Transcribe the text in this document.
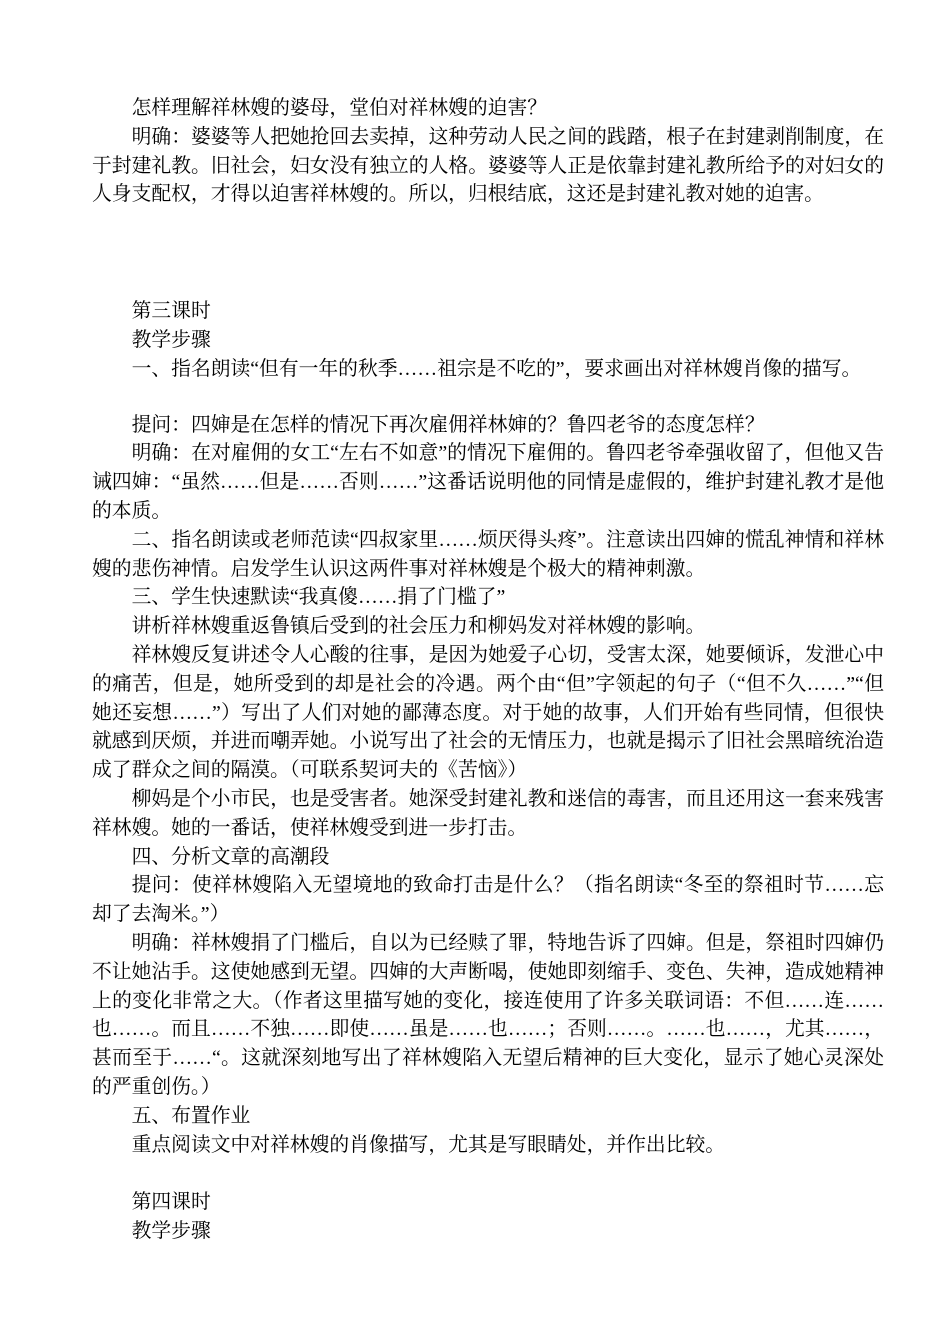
怎样理解祥林嫂的婆母，堂伯对祥林嫂的迫害？

明确：婆婆等人把她抢回去卖掉，这种劳动人民之间的践踏，根子在封建剥削制度，在于封建礼教。旧社会，妇女没有独立的人格。婆婆等人正是依靠封建礼教所给予的对妇女的人身支配权，才得以迫害祥林嫂的。所以，归根结底，这还是封建礼教对她的迫害。

第三课时

教学步骤

一、指名朗读“但有一年的秋季……祖宗是不吃的”，要求画出对祥林嫂肖像的描写。

提问：四婶是在怎样的情况下再次雇佣祥林婶的？鲁四老爷的态度怎样？

明确：在对雇佣的女工“左右不如意”的情况下雇佣的。鲁四老爷牵强收留了，但他又告诫四婶：“虽然……但是……否则……”这番话说明他的同情是虚假的，维护封建礼教才是他的本质。

二、指名朗读或老师范读“四叔家里……烦厌得头疼”。注意读出四婶的慌乱神情和祥林嫂的悲伤神情。启发学生认识这两件事对祥林嫂是个极大的精神刺激。

三、学生快速默读“我真傻……捐了门槛了”

讲析祥林嫂重返鲁镇后受到的社会压力和柳妈发对祥林嫂的影响。

祥林嫂反复讲述令人心酸的往事，是因为她爱子心切，受害太深，她要倾诉，发泄心中的痛苦，但是，她所受到的却是社会的冷遇。两个由“但”字领起的句子（“但不久……”“但她还妄想……”）写出了人们对她的鄙薄态度。对于她的故事，人们开始有些同情，但很快就感到厌烦，并进而嘲弄她。小说写出了社会的无情压力，也就是揭示了旧社会黑暗统治造成了群众之间的隔漠。（可联系契诃夫的《苦恼》）

柳妈是个小市民，也是受害者。她深受封建礼教和迷信的毒害，而且还用这一套来残害祥林嫂。她的一番话，使祥林嫂受到进一步打击。

四、分析文章的高潮段

提问：使祥林嫂陷入无望境地的致命打击是什么？（指名朗读“冬至的祭祖时节……忘却了去淘米。”）

明确：祥林嫂捐了门槛后，自以为已经赎了罪，特地告诉了四婶。但是，祭祖时四婶仍不让她沾手。这使她感到无望。四婶的大声断喝，使她即刻缩手、变色、失神，造成她精神上的变化非常之大。（作者这里描写她的变化，接连使用了许多关联词语：不但……连……也……。而且……不独……即使……虽是……也……；否则……。……也……，尤其……，甚而至于……“。这就深刻地写出了祥林嫂陷入无望后精神的巨大变化，显示了她心灵深处的严重创伤。）

五、布置作业

重点阅读文中对祥林嫂的肖像描写，尤其是写眼睛处，并作出比较。

第四课时

教学步骤
